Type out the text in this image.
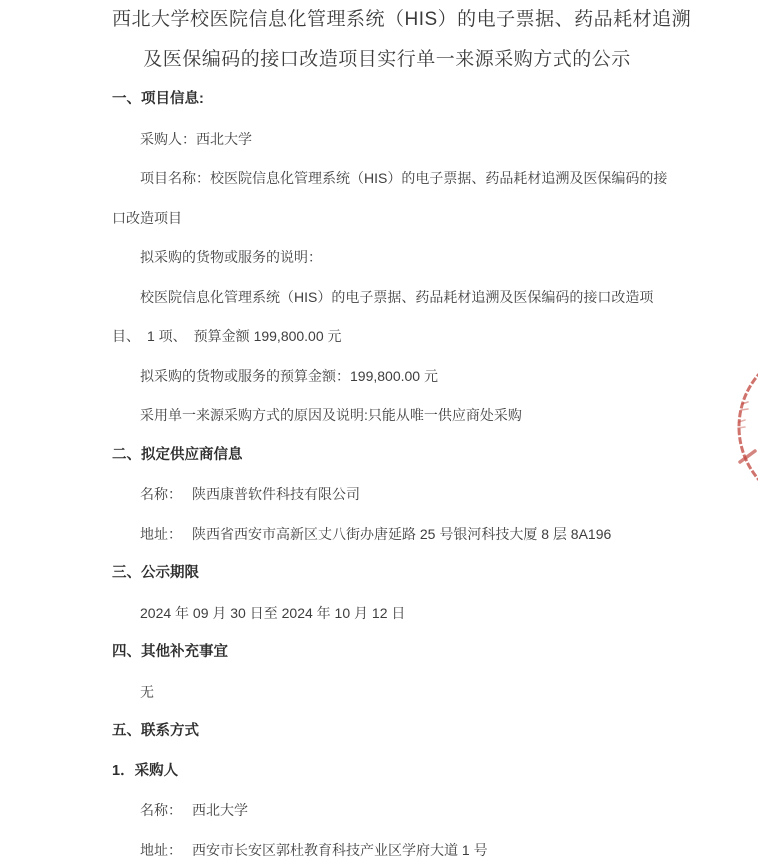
西北大学校医院信息化管理系统（HIS）的电子票据、药品耗材追溯
及医保编码的接口改造项目实行单一来源采购方式的公示

一、项目信息:

采购人：西北大学

项目名称：校医院信息化管理系统（HIS）的电子票据、药品耗材追溯及医保编码的接

口改造项目

拟采购的货物或服务的说明：

校医院信息化管理系统（HIS）的电子票据、药品耗材追溯及医保编码的接口改造项

目、　1 项、　预算金额 199,800.00 元

拟采购的货物或服务的预算金额：199,800.00 元

采用单一来源采购方式的原因及说明:只能从唯一供应商处采购

二、拟定供应商信息

名称： 陕西康普软件科技有限公司

地址： 陕西省西安市高新区丈八街办唐延路 25 号银河科技大厦 8 层 8A196

三、公示期限

2024 年 09 月 30 日至 2024 年 10 月 12 日

四、其他补充事宜

无

五、联系方式

1．采购人

名称： 西北大学

地址： 西安市长安区郭杜教育科技产业区学府大道 1 号
